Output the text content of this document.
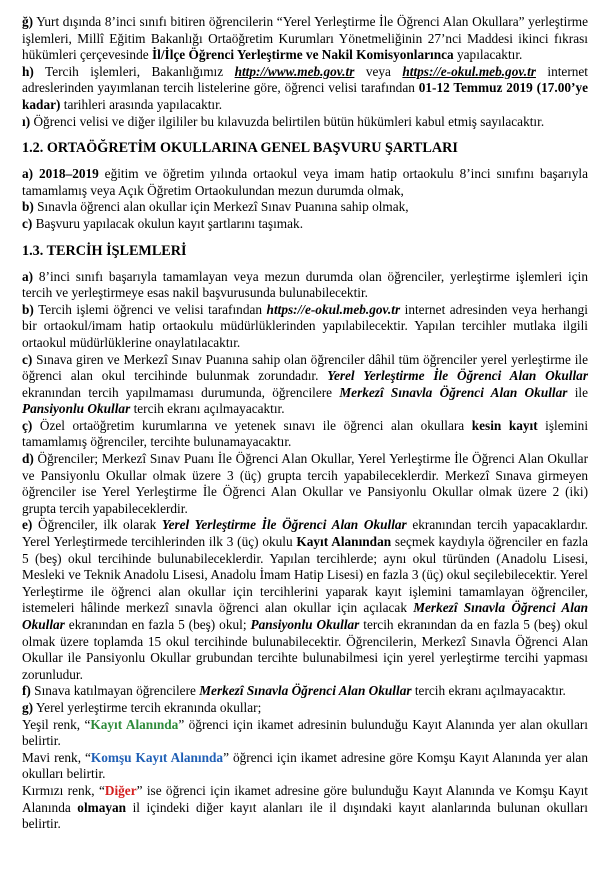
ğ) Yurt dışında 8’inci sınıfı bitiren öğrencilerin “Yerel Yerleştirme İle Öğrenci Alan Okullara” yerleştirme işlemleri, Millî Eğitim Bakanlığı Ortaöğretim Kurumları Yönetmeliğinin 27’nci Maddesi ikinci fıkrası hükümleri çerçevesinde İl/İlçe Öğrenci Yerleştirme ve Nakil Komisyonlarınca yapılacaktır.

h) Tercih işlemleri, Bakanlığımız http://www.meb.gov.tr veya https://e-okul.meb.gov.tr internet adreslerinden yayımlanan tercih listelerine göre, öğrenci velisi tarafından 01-12 Temmuz 2019 (17.00’ye kadar) tarihleri arasında yapılacaktır.

ı) Öğrenci velisi ve diğer ilgililer bu kılavuzda belirtilen bütün hükümleri kabul etmiş sayılacaktır.

1.2. ORTAÖĞRETİM OKULLARINA GENEL BAŞVURU ŞARTLARI

a) 2018–2019 eğitim ve öğretim yılında ortaokul veya imam hatip ortaokulu 8’inci sınıfını başarıyla tamamlamış veya Açık Öğretim Ortaokulundan mezun durumda olmak,

b) Sınavla öğrenci alan okullar için Merkezî Sınav Puanına sahip olmak,

c) Başvuru yapılacak okulun kayıt şartlarını taşımak.

1.3. TERCİH İŞLEMLERİ

a) 8’inci sınıfı başarıyla tamamlayan veya mezun durumda olan öğrenciler, yerleştirme işlemleri için tercih ve yerleştirmeye esas nakil başvurusunda bulunabilecektir.

b) Tercih işlemi öğrenci ve velisi tarafından https://e-okul.meb.gov.tr internet adresinden veya herhangi bir ortaokul/imam hatip ortaokulu müdürlüklerinden yapılabilecektir. Yapılan tercihler mutlaka ilgili ortaokul müdürlüklerine onaylatılacaktır.

c) Sınava giren ve Merkezî Sınav Puanına sahip olan öğrenciler dâhil tüm öğrenciler yerel yerleştirme ile öğrenci alan okul tercihinde bulunmak zorundadır. Yerel Yerleştirme İle Öğrenci Alan Okullar ekranından tercih yapılmaması durumunda, öğrencilere Merkezî Sınavla Öğrenci Alan Okullar ile Pansiyonlu Okullar tercih ekranı açılmayacaktır.

ç) Özel ortaöğretim kurumlarına ve yetenek sınavı ile öğrenci alan okullara kesin kayıt işlemini tamamlamış öğrenciler, tercihte bulunamayacaktır.

d) Öğrenciler; Merkezî Sınav Puanı İle Öğrenci Alan Okullar, Yerel Yerleştirme İle Öğrenci Alan Okullar ve Pansiyonlu Okullar olmak üzere 3 (üç) grupta tercih yapabileceklerdir. Merkezî Sınava girmeyen öğrenciler ise Yerel Yerleştirme İle Öğrenci Alan Okullar ve Pansiyonlu Okullar olmak üzere 2 (iki) grupta tercih yapabileceklerdir.

e) Öğrenciler, ilk olarak Yerel Yerleştirme İle Öğrenci Alan Okullar ekranından tercih yapacaklardır. Yerel Yerleştirmede tercihlerinden ilk 3 (üç) okulu Kayıt Alanından seçmek kaydıyla öğrenciler en fazla 5 (beş) okul tercihinde bulunabileceklerdir. Yapılan tercihlerde; aynı okul türünden (Anadolu Lisesi, Mesleki ve Teknik Anadolu Lisesi, Anadolu İmam Hatip Lisesi) en fazla 3 (üç) okul seçilebilecektir. Yerel Yerleştirme ile öğrenci alan okullar için tercihlerini yaparak kayıt işlemini tamamlayan öğrenciler, istemeleri hâlinde merkezî sınavla öğrenci alan okullar için açılacak Merkezî Sınavla Öğrenci Alan Okullar ekranından en fazla 5 (beş) okul; Pansiyonlu Okullar tercih ekranından da en fazla 5 (beş) okul olmak üzere toplamda 15 okul tercihinde bulunabilecektir. Öğrencilerin, Merkezî Sınavla Öğrenci Alan Okullar ile Pansiyonlu Okullar grubundan tercihte bulunabilmesi için yerel yerleştirme tercihi yapması zorunludur.

f) Sınava katılmayan öğrencilere Merkezî Sınavla Öğrenci Alan Okullar tercih ekranı açılmayacaktır.

g) Yerel yerleştirme tercih ekranında okullar;

Yeşil renk, “Kayıt Alanında” öğrenci için ikamet adresinin bulunduğu Kayıt Alanında yer alan okulları belirtir.

Mavi renk, “Komşu Kayıt Alanında” öğrenci için ikamet adresine göre Komşu Kayıt Alanında yer alan okulları belirtir.

Kırmızı renk, “Diğer” ise öğrenci için ikamet adresine göre bulunduğu Kayıt Alanında ve Komşu Kayıt Alanında olmayan il içindeki diğer kayıt alanları ile il dışındaki kayıt alanlarında bulunan okulları belirtir.
